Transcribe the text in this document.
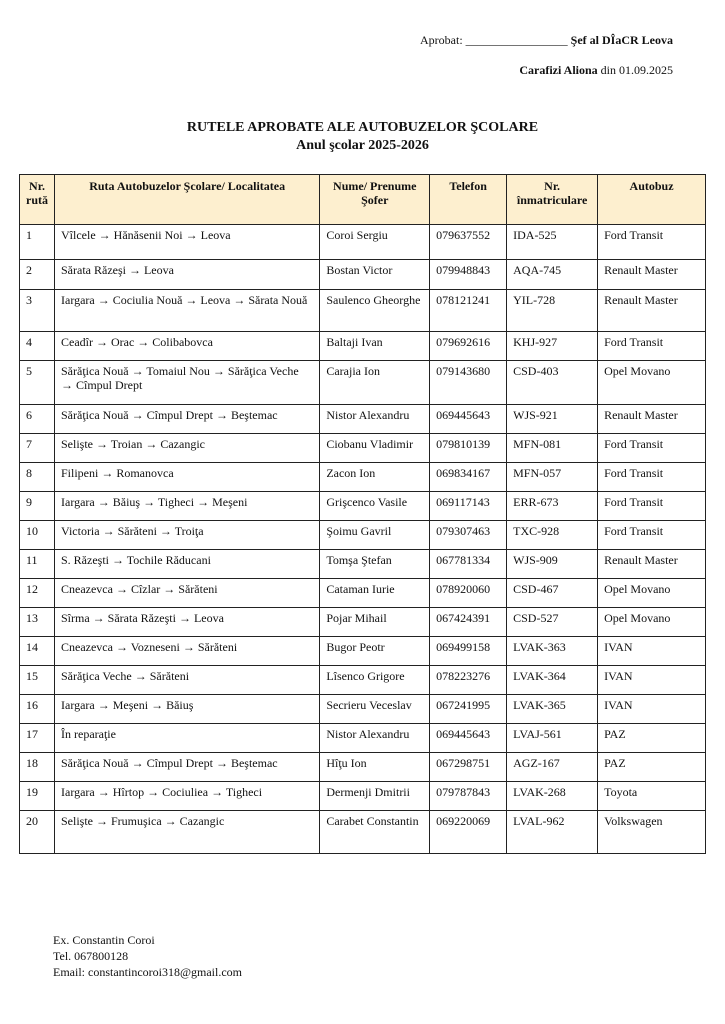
Aprobat: _________________ Şef al DÎaCR Leova
Carafizi Aliona din 01.09.2025
RUTELE APROBATE ALE AUTOBUZELOR ŞCOLARE
Anul şcolar 2025-2026
Nr. rută	Ruta Autobuzelor Şcolare/ Localitatea	Nume/ Prenume Şofer	Telefon	Nr. înmatriculare	Autobuz
1	Vîlcele → Hănăsenii Noi → Leova	Coroi Sergiu	079637552	IDA-525	Ford Transit
2	Sărata Răzeşi → Leova	Bostan Victor	079948843	AQA-745	Renault Master
3	Iargara → Cociulia Nouă → Leova → Sărata Nouă	Saulenco Gheorghe	078121241	YIL-728	Renault Master
4	Ceadîr → Orac → Colibabovca	Baltaji Ivan	079692616	KHJ-927	Ford Transit
5	Sărăţica Nouă → Tomaiul Nou → Sărăţica Veche → Cîmpul Drept	Carajia Ion	079143680	CSD-403	Opel Movano
6	Sărăţica Nouă → Cîmpul Drept → Beştemac	Nistor Alexandru	069445643	WJS-921	Renault Master
7	Selişte → Troian → Cazangic	Ciobanu Vladimir	079810139	MFN-081	Ford Transit
8	Filipeni → Romanovca	Zacon Ion	069834167	MFN-057	Ford Transit
9	Iargara → Băiuş → Tigheci → Meşeni	Grişcenco Vasile	069117143	ERR-673	Ford Transit
10	Victoria → Sărăteni → Troiţa	Şoimu Gavril	079307463	TXC-928	Ford Transit
11	S. Răzeşti → Tochile Răducani	Tomşa Ştefan	067781334	WJS-909	Renault Master
12	Cneazevca → Cîzlar → Sărăteni	Cataman Iurie	078920060	CSD-467	Opel Movano
13	Sîrma → Sărata Răzeşti → Leova	Pojar Mihail	067424391	CSD-527	Opel Movano
14	Cneazevca → Vozneseni → Sărăteni	Bugor Peotr	069499158	LVAK-363	IVAN
15	Sărăţica Veche → Sărăteni	Lîsenco Grigore	078223276	LVAK-364	IVAN
16	Iargara → Meşeni → Băiuş	Secrieru Veceslav	067241995	LVAK-365	IVAN
17	În reparaţie	Nistor Alexandru	069445643	LVAJ-561	PAZ
18	Sărăţica Nouă → Cîmpul Drept → Beştemac	Hîţu Ion	067298751	AGZ-167	PAZ
19	Iargara → Hîrtop → Cociuliea → Tigheci	Dermenji Dmitrii	079787843	LVAK-268	Toyota
20	Selişte → Frumuşica → Cazangic	Carabet Constantin	069220069	LVAL-962	Volkswagen
Ex. Constantin Coroi
Tel. 067800128
Email: constantincoroi318@gmail.com
